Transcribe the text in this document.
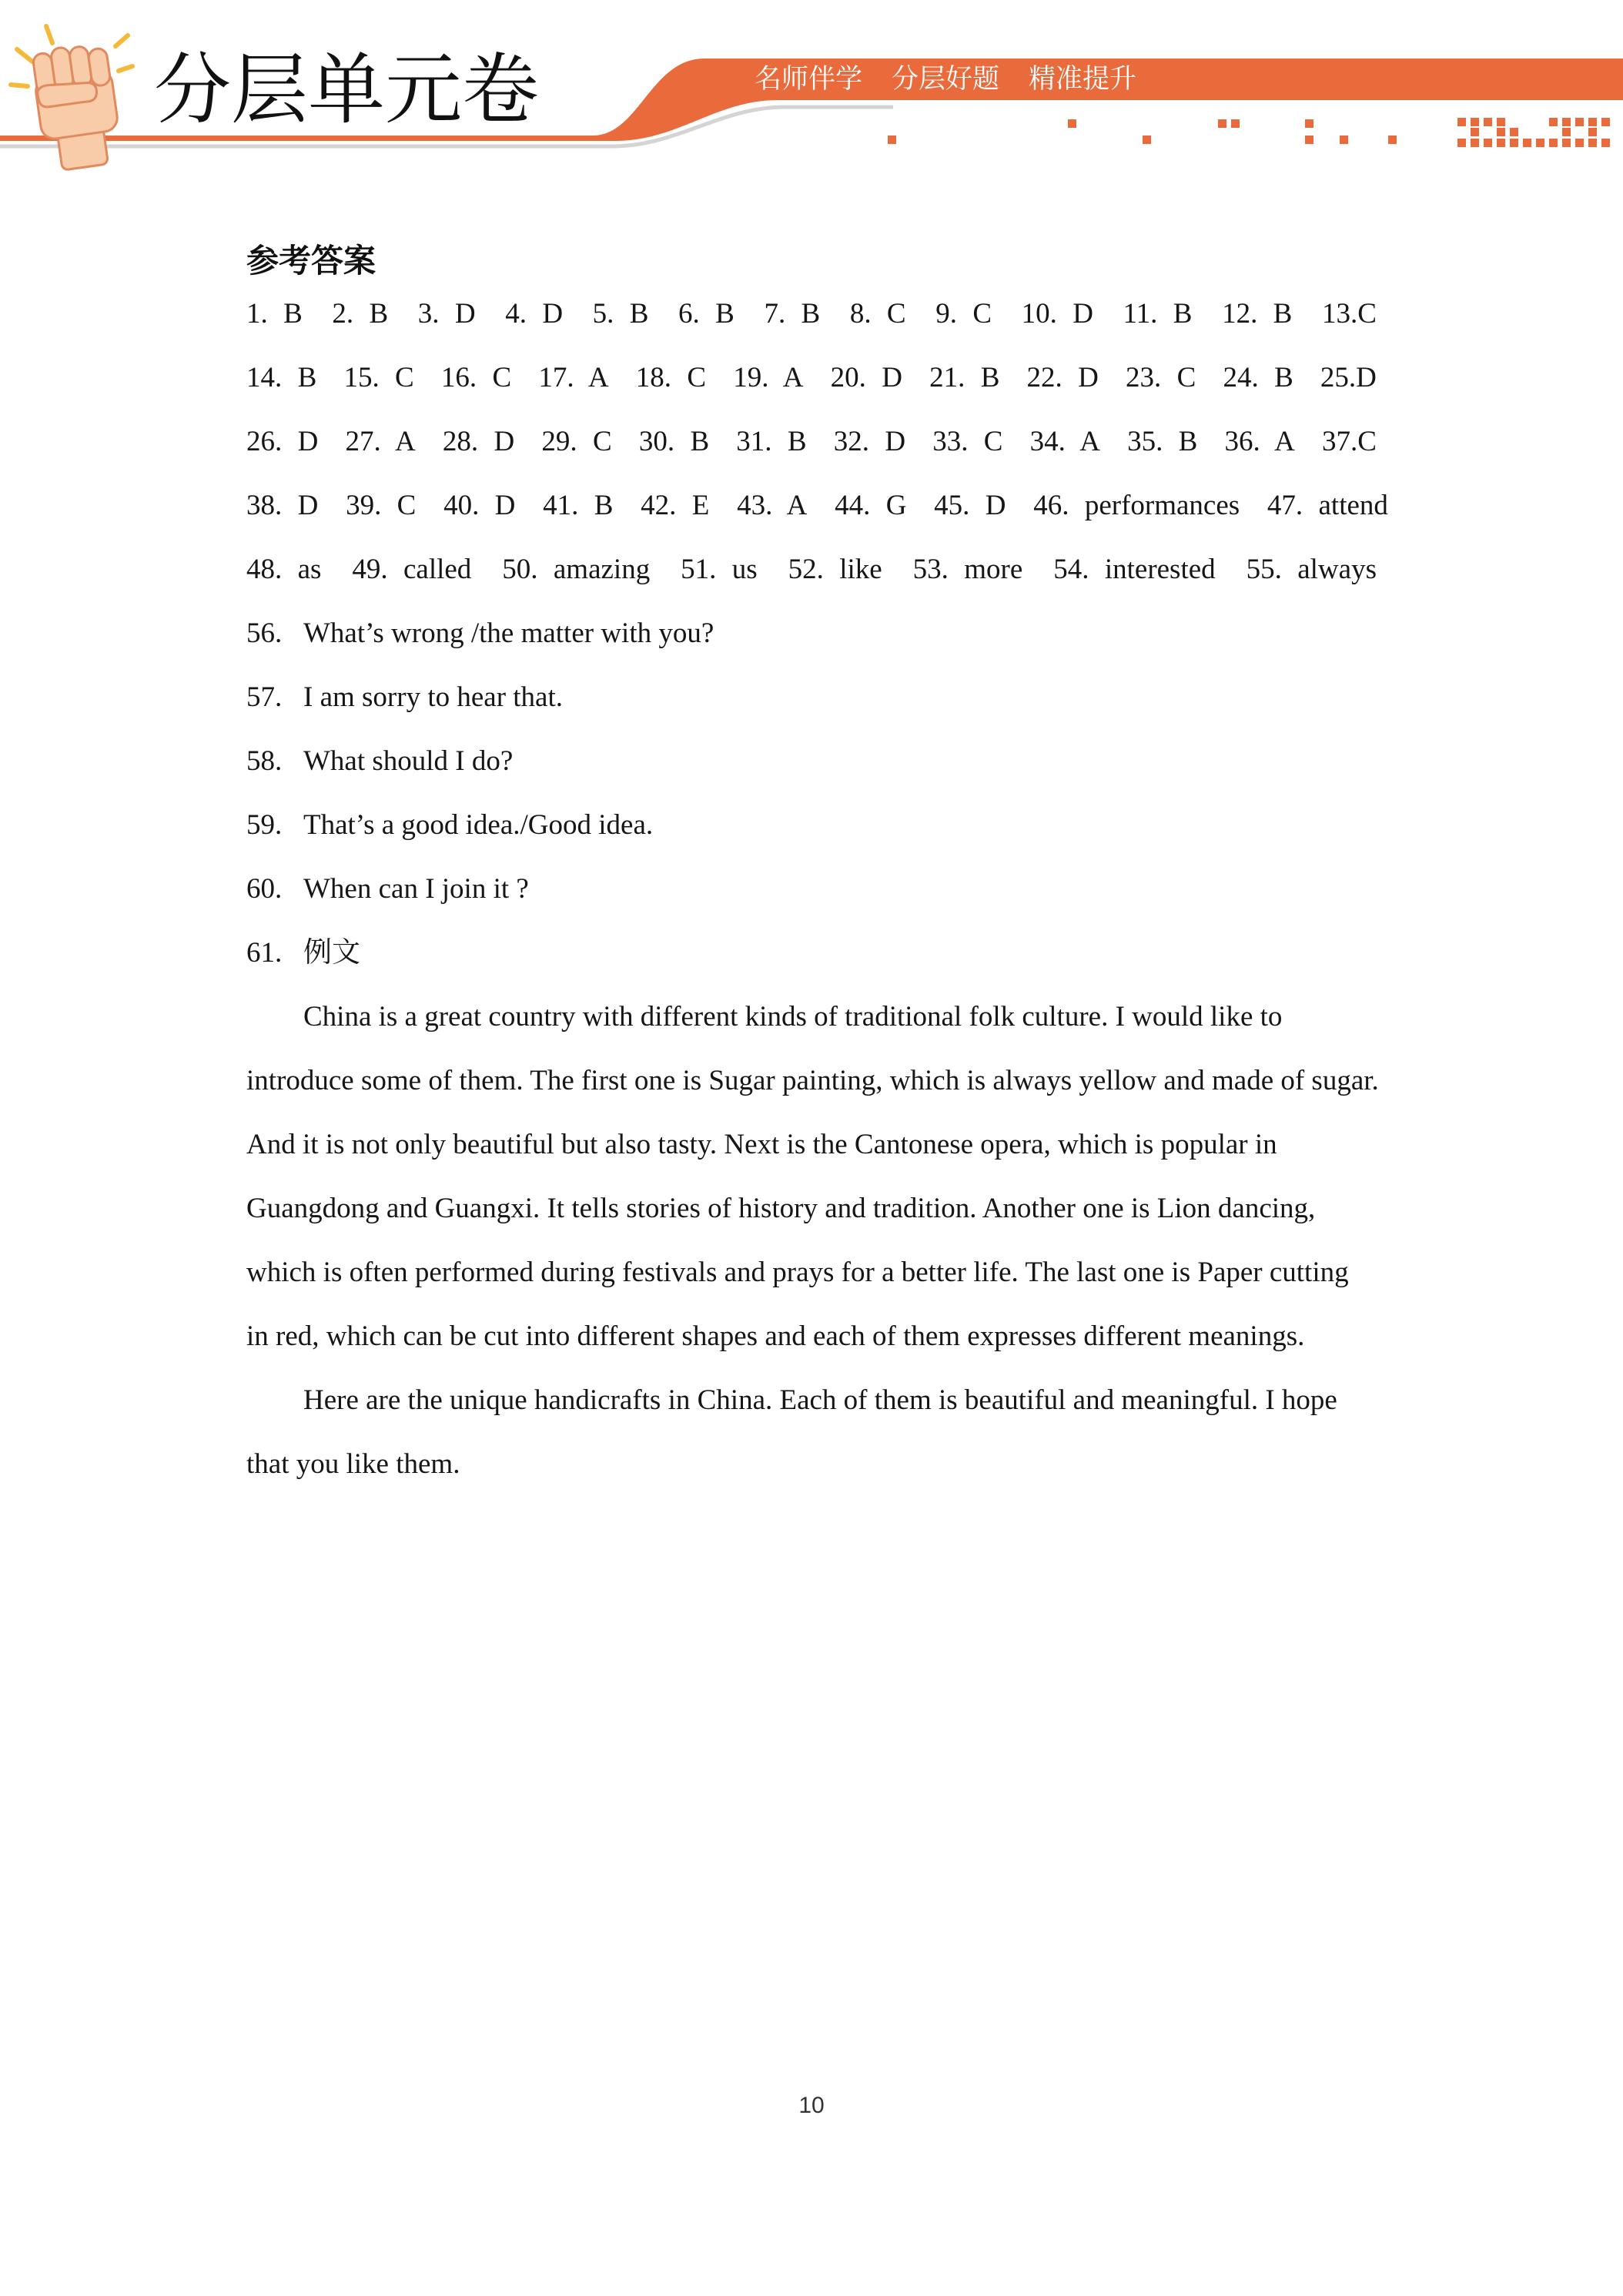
分层单元卷	名师伴学 分层好题 精准提升
参考答案
1. B 2. B 3. D 4. D 5. B 6. B 7. B 8. C 9. C 10. D 11. B 12. B 13.C
14. B 15. C 16. C 17. A 18. C 19. A 20. D 21. B 22. D 23. C 24. B 25.D
26. D 27. A 28. D 29. C 30. B 31. B 32. D 33. C 34. A 35. B 36. A 37.C
38. D 39. C 40. D 41. B 42. E 43. A 44. G 45. D 46. performances 47. attend
48. as 49. called 50. amazing 51. us 52. like 53. more 54. interested 55. always
56. What’s wrong /the matter with you?
57. I am sorry to hear that.
58. What should I do?
59. That’s a good idea./Good idea.
60. When can I join it ?
61. 例文
China is a great country with different kinds of traditional folk culture. I would like to
introduce some of them. The first one is Sugar painting, which is always yellow and made of sugar.
And it is not only beautiful but also tasty. Next is the Cantonese opera, which is popular in
Guangdong and Guangxi. It tells stories of history and tradition. Another one is Lion dancing,
which is often performed during festivals and prays for a better life. The last one is Paper cutting
in red, which can be cut into different shapes and each of them expresses different meanings.
Here are the unique handicrafts in China. Each of them is beautiful and meaningful. I hope
that you like them.
10
